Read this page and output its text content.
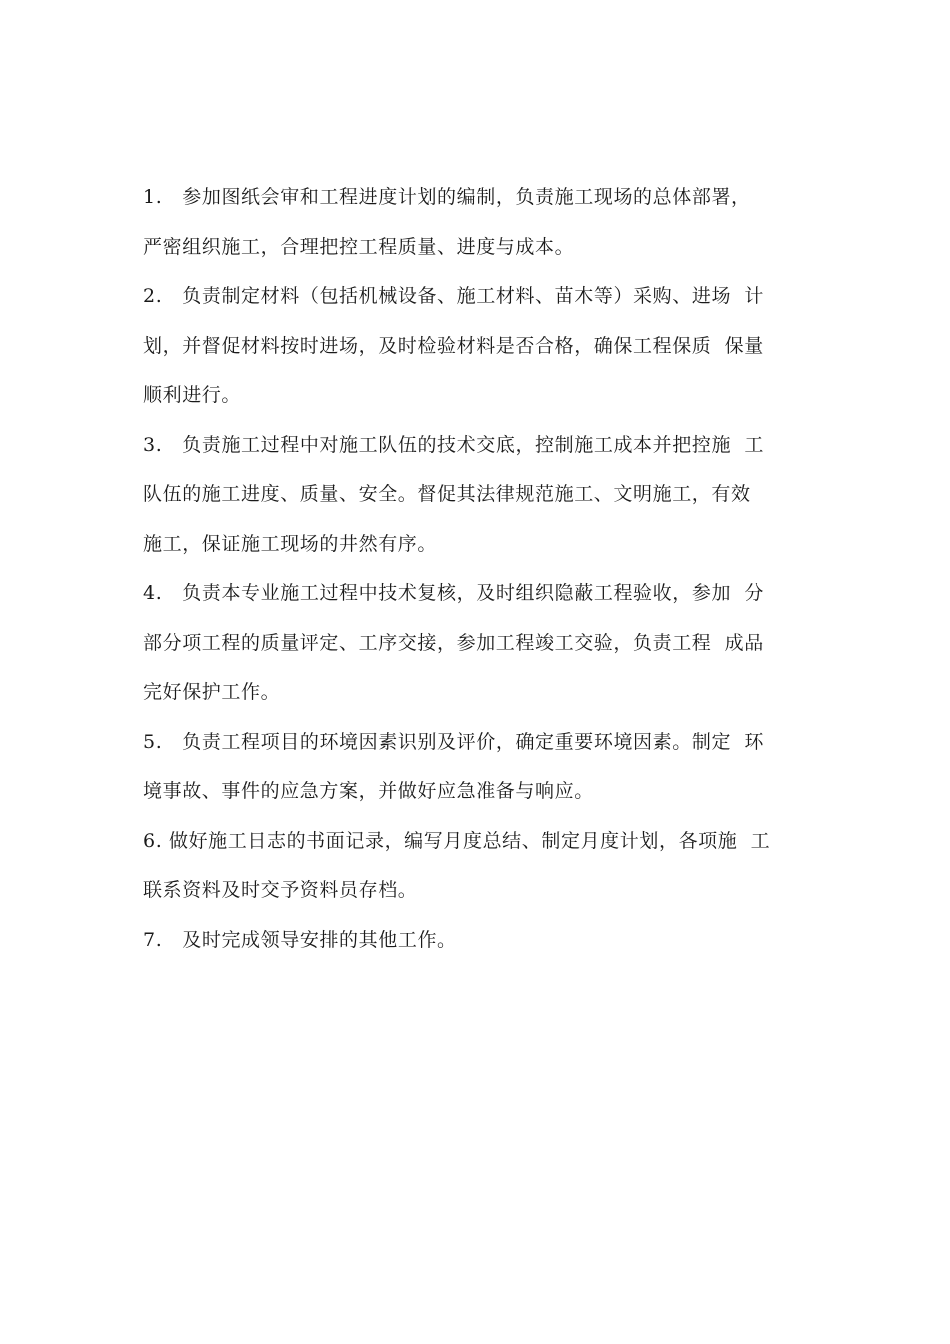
1.   参加图纸会审和工程进度计划的编制，负责施工现场的总体部署，
严密组织施工，合理把控工程质量、进度与成本。
2.   负责制定材料（包括机械设备、施工材料、苗木等）采购、进场  计
划，并督促材料按时进场，及时检验材料是否合格，确保工程保质  保量
顺利进行。
3.   负责施工过程中对施工队伍的技术交底，控制施工成本并把控施  工
队伍的施工进度、质量、安全。督促其法律规范施工、文明施工，有效
施工，保证施工现场的井然有序。
4.   负责本专业施工过程中技术复核，及时组织隐蔽工程验收，参加  分
部分项工程的质量评定、工序交接，参加工程竣工交验，负责工程  成品
完好保护工作。
5.   负责工程项目的环境因素识别及评价，确定重要环境因素。制定  环
境事故、事件的应急方案，并做好应急准备与响应。
6. 做好施工日志的书面记录，编写月度总结、制定月度计划，各项施  工
联系资料及时交予资料员存档。
7.   及时完成领导安排的其他工作。
